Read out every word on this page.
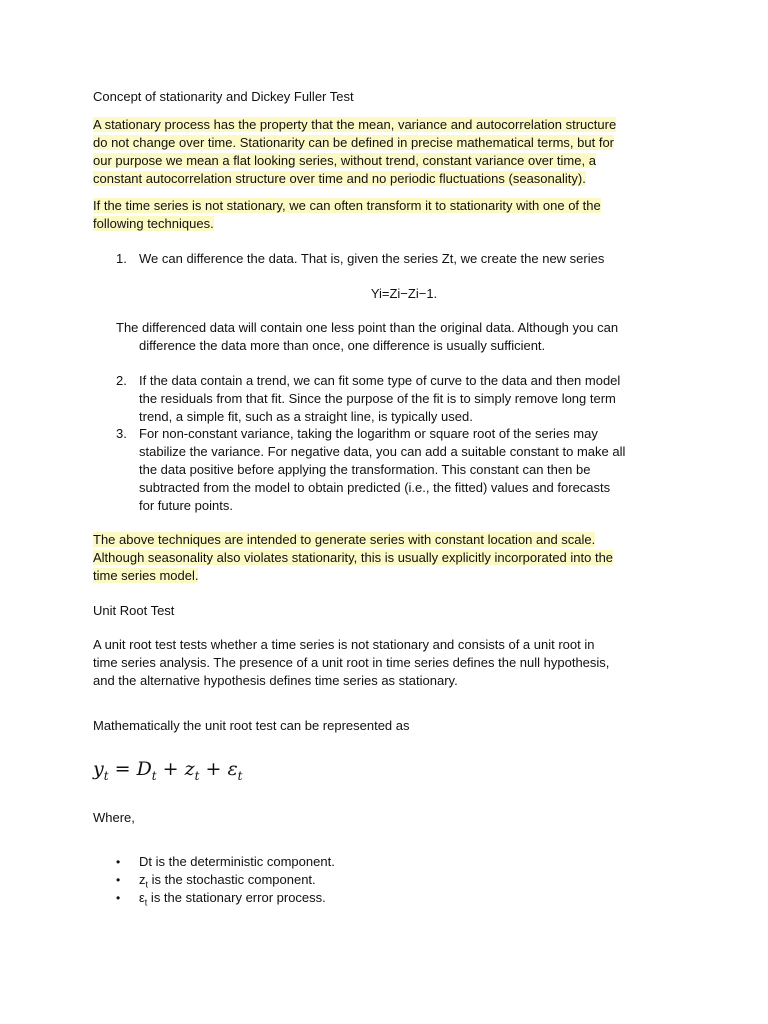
Concept of stationarity and Dickey Fuller Test
A stationary process has the property that the mean, variance and autocorrelation structure
do not change over time. Stationarity can be defined in precise mathematical terms, but for
our purpose we mean a flat looking series, without trend, constant variance over time, a
constant autocorrelation structure over time and no periodic fluctuations (seasonality).
If the time series is not stationary, we can often transform it to stationarity with one of the
following techniques.
1. We can difference the data. That is, given the series Zt, we create the new series
2. If the data contain a trend, we can fit some type of curve to the data and then model
the residuals from that fit. Since the purpose of the fit is to simply remove long term
trend, a simple fit, such as a straight line, is typically used.
3. For non-constant variance, taking the logarithm or square root of the series may
stabilize the variance. For negative data, you can add a suitable constant to make all
the data positive before applying the transformation. This constant can then be
subtracted from the model to obtain predicted (i.e., the fitted) values and forecasts
for future points.
Yi=Zi−Zi−1.
The differenced data will contain one less point than the original data. Although you can
difference the data more than once, one difference is usually sufficient.
The above techniques are intended to generate series with constant location and scale.
Although seasonality also violates stationarity, this is usually explicitly incorporated into the
time series model.
Unit Root Test
A unit root test tests whether a time series is not stationary and consists of a unit root in
time series analysis. The presence of a unit root in time series defines the null hypothesis,
and the alternative hypothesis defines time series as stationary.
Mathematically the unit root test can be represented as
$y_t = D_t + z_t + \varepsilon_t$
Where,
• Dt is the deterministic component.
• $z_t$ is the stochastic component.
• $\varepsilon_t$ is the stationary error process.
